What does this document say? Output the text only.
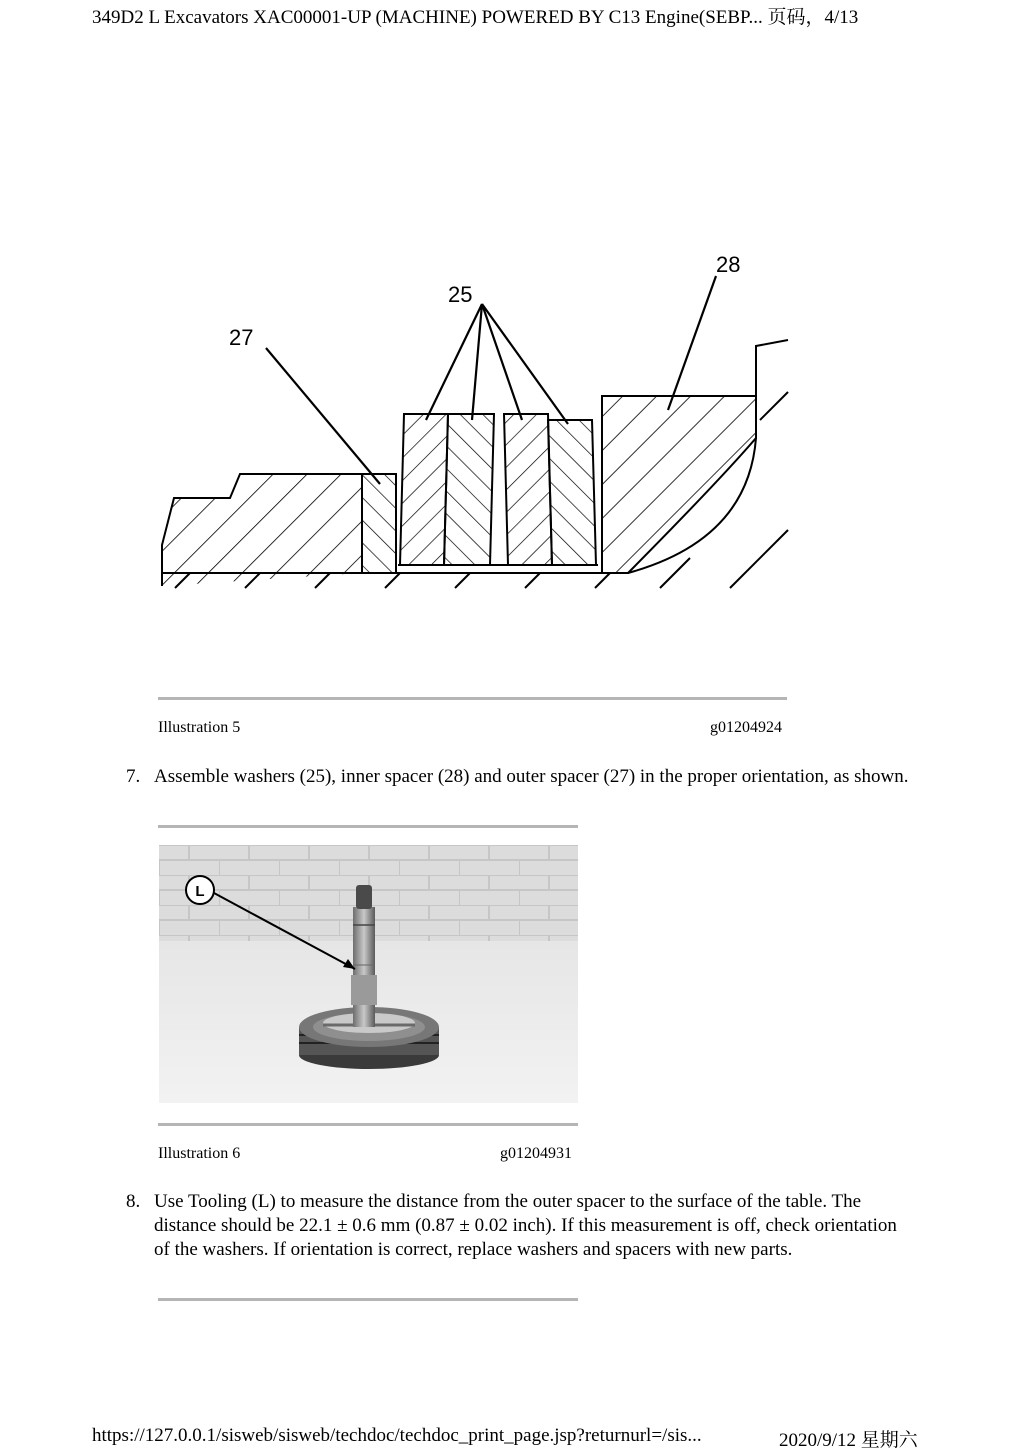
349D2 L Excavators XAC00001-UP (MACHINE) POWERED BY C13 Engine(SEBP... 页码，4/13
27
25
28
Illustration 5	g01204924
7. Assemble washers (25), inner spacer (28) and outer spacer (27) in the proper orientation, as shown.
L
Illustration 6	g01204931
8. Use Tooling (L) to measure the distance from the outer spacer to the surface of the table. The distance should be 22.1 ± 0.6 mm (0.87 ± 0.02 inch). If this measurement is off, check orientation of the washers. If orientation is correct, replace washers and spacers with new parts.
https://127.0.0.1/sisweb/sisweb/techdoc/techdoc_print_page.jsp?returnurl=/sis...	2020/9/12 星期六
